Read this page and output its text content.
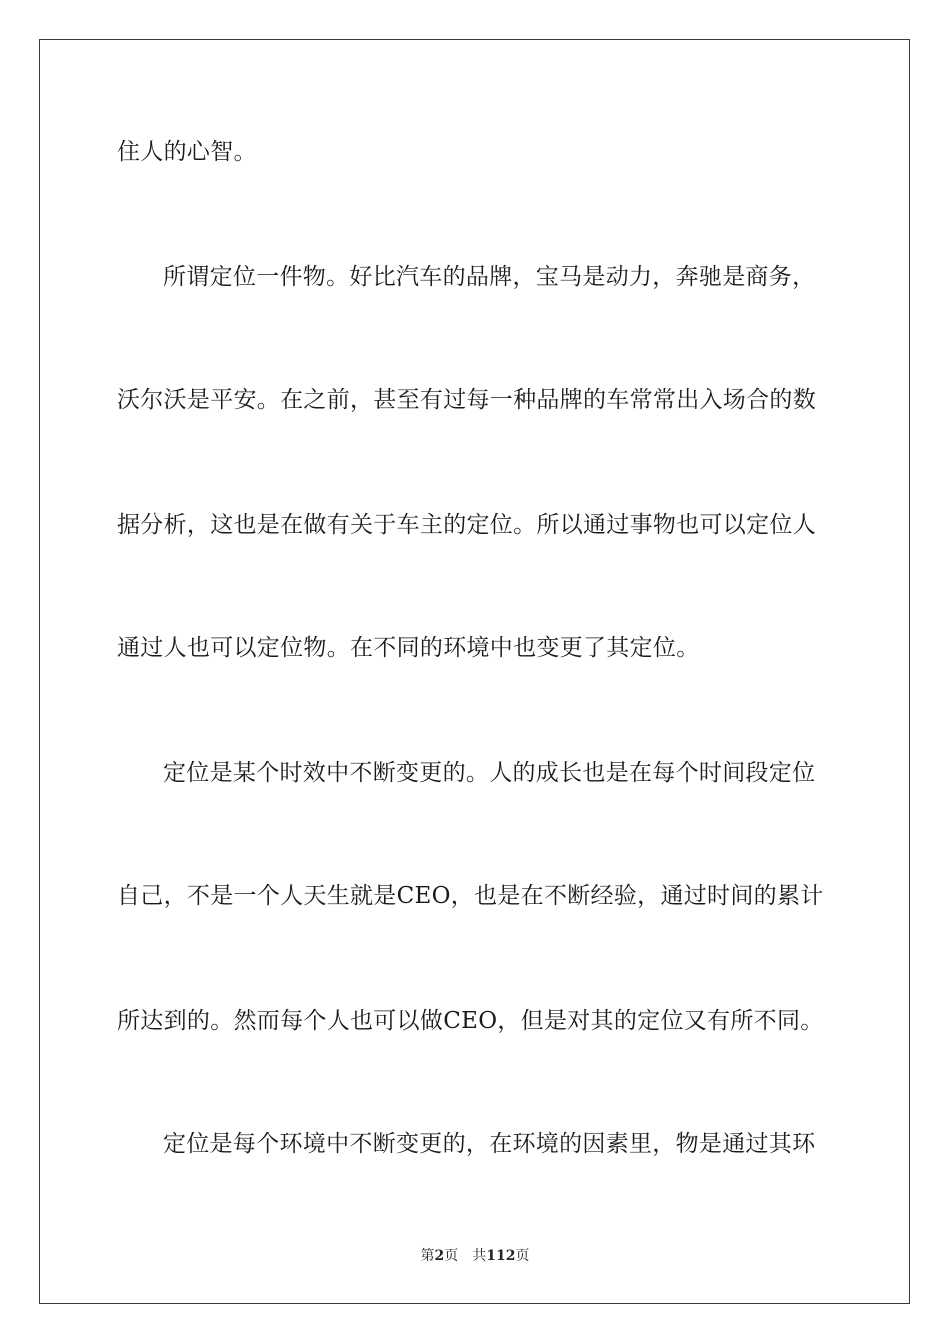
住人的心智。
所谓定位一件物。好比汽车的品牌，宝马是动力，奔驰是商务，
沃尔沃是平安。在之前，甚至有过每一种品牌的车常常出入场合的数
据分析，这也是在做有关于车主的定位。所以通过事物也可以定位人
通过人也可以定位物。在不同的环境中也变更了其定位。
定位是某个时效中不断变更的。人的成长也是在每个时间段定位
自己，不是一个人天生就是CEO，也是在不断经验，通过时间的累计
所达到的。然而每个人也可以做CEO，但是对其的定位又有所不同。
定位是每个环境中不断变更的，在环境的因素里，物是通过其环
第2页 共112页
